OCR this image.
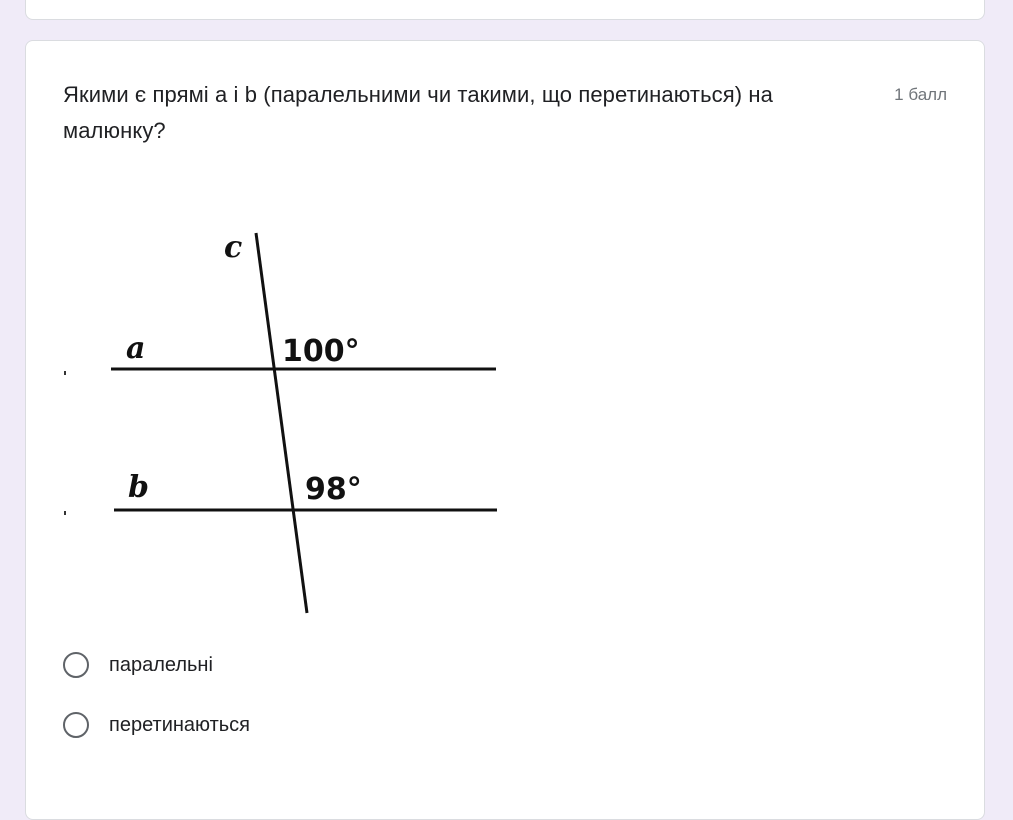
Якими є прямі a і b (паралельними чи такими, що перетинаються) на малюнку?
1 балл
c
a
b
100°
98°
паралельні
перетинаються
